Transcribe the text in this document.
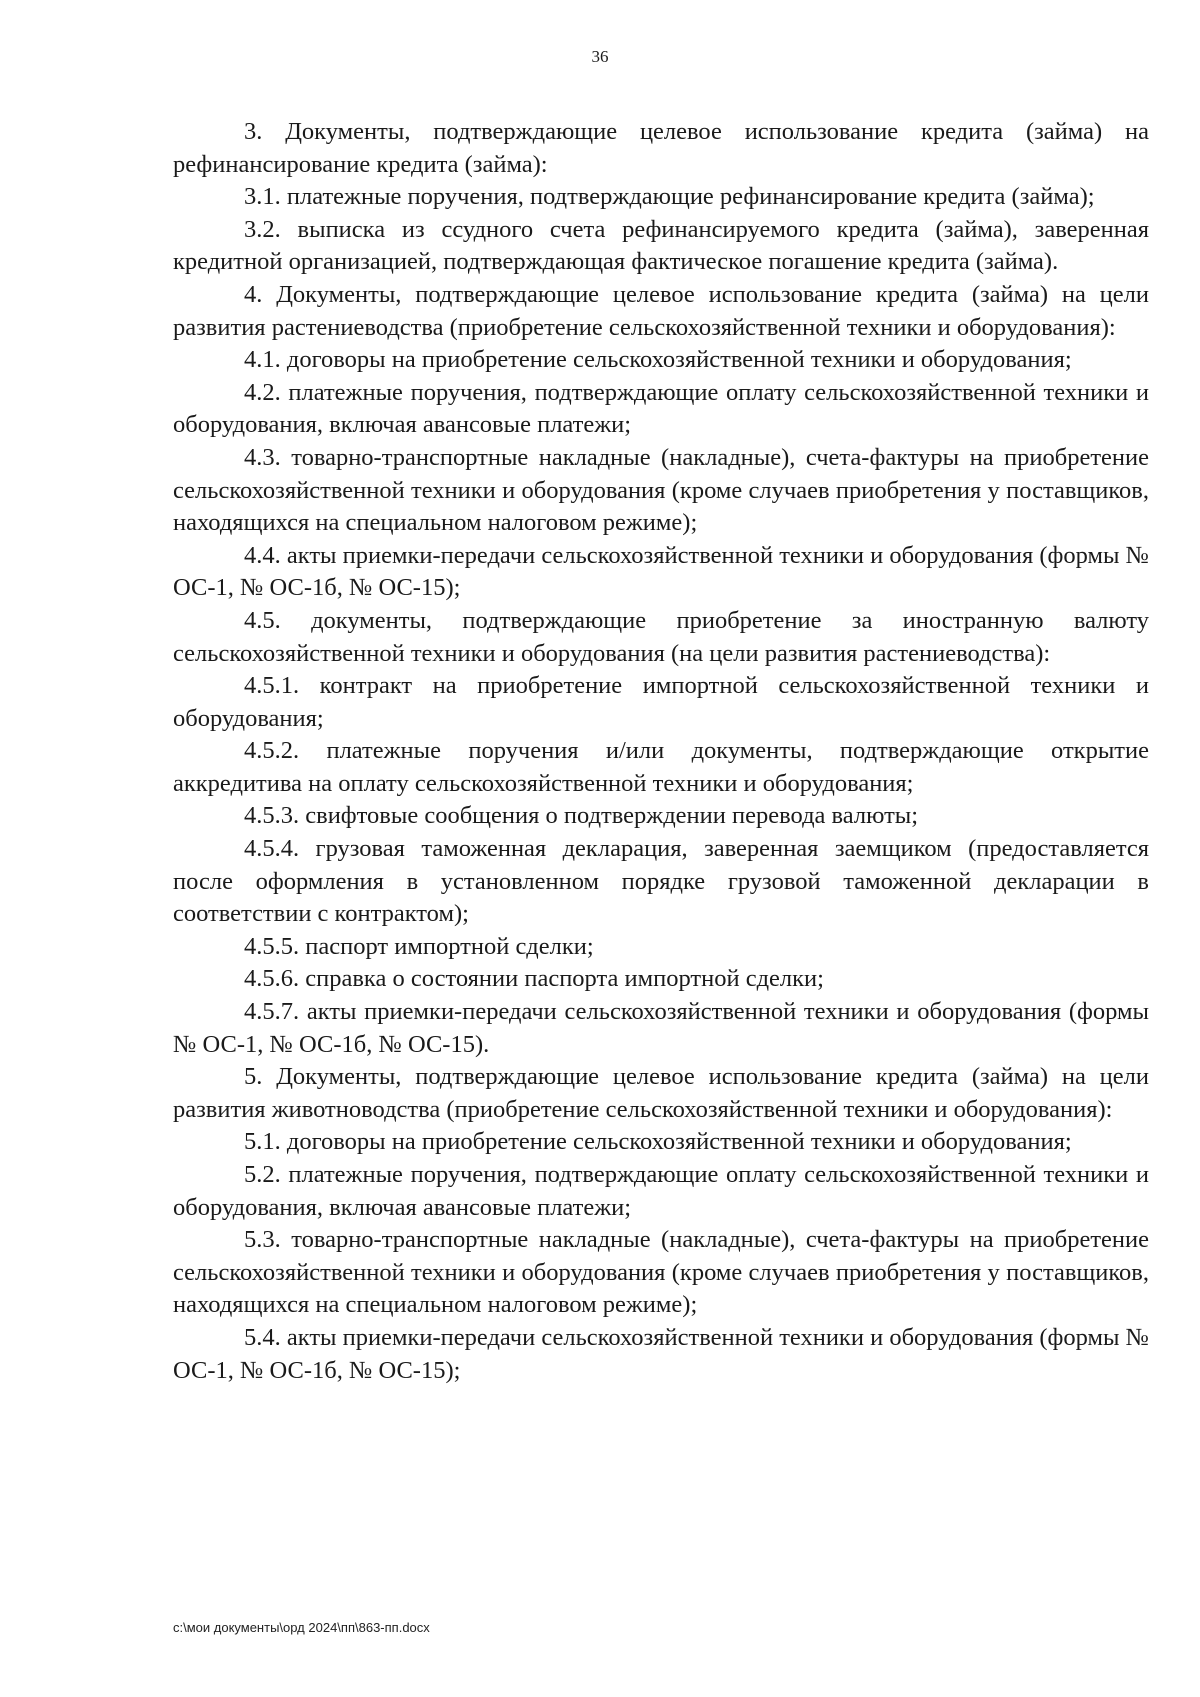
36

3. Документы, подтверждающие целевое использование кредита (займа) на рефинансирование кредита (займа):

3.1. платежные поручения, подтверждающие рефинансирование кредита (займа);

3.2. выписка из ссудного счета рефинансируемого кредита (займа), заверенная кредитной организацией, подтверждающая фактическое погашение кредита (займа).

4. Документы, подтверждающие целевое использование кредита (займа) на цели развития растениеводства (приобретение сельскохозяйственной техники и оборудования):

4.1. договоры на приобретение сельскохозяйственной техники и оборудования;

4.2. платежные поручения, подтверждающие оплату сельскохозяйственной техники и оборудования, включая авансовые платежи;

4.3. товарно-транспортные накладные (накладные), счета-фактуры на приобретение сельскохозяйственной техники и оборудования (кроме случаев приобретения у поставщиков, находящихся на специальном налоговом режиме);

4.4. акты приемки-передачи сельскохозяйственной техники и оборудования (формы № ОС-1, № ОС-1б, № ОС-15);

4.5. документы, подтверждающие приобретение за иностранную валюту сельскохозяйственной техники и оборудования (на цели развития растениеводства):

4.5.1. контракт на приобретение импортной сельскохозяйственной техники и оборудования;

4.5.2. платежные поручения и/или документы, подтверждающие открытие аккредитива на оплату сельскохозяйственной техники и оборудования;

4.5.3. свифтовые сообщения о подтверждении перевода валюты;

4.5.4. грузовая таможенная декларация, заверенная заемщиком (предоставляется после оформления в установленном порядке грузовой таможенной декларации в соответствии с контрактом);

4.5.5. паспорт импортной сделки;

4.5.6. справка о состоянии паспорта импортной сделки;

4.5.7. акты приемки-передачи сельскохозяйственной техники и оборудования (формы № ОС-1, № ОС-1б, № ОС-15).

5. Документы, подтверждающие целевое использование кредита (займа) на цели развития животноводства (приобретение сельскохозяйственной техники и оборудования):

5.1. договоры на приобретение сельскохозяйственной техники и оборудования;

5.2. платежные поручения, подтверждающие оплату сельскохозяйственной техники и оборудования, включая авансовые платежи;

5.3. товарно-транспортные накладные (накладные), счета-фактуры на приобретение сельскохозяйственной техники и оборудования (кроме случаев приобретения у поставщиков, находящихся на специальном налоговом режиме);

5.4. акты приемки-передачи сельскохозяйственной техники и оборудования (формы № ОС-1, № ОС-1б, № ОС-15);

c:\мои документы\орд 2024\пп\863-пп.docx
